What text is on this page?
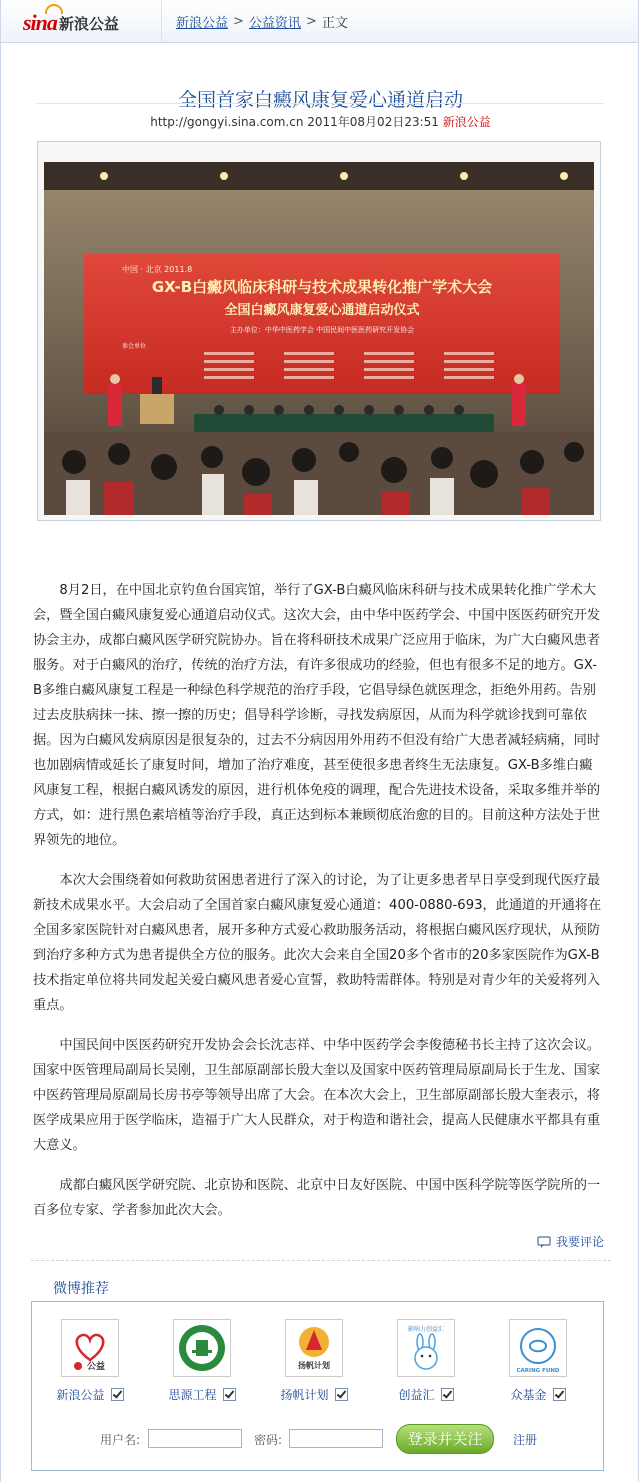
sina 新浪公益	新浪公益 > 公益资讯 > 正文
全国首家白癜风康复爱心通道启动
http://gongyi.sina.com.cn 2011年08月02日23:51 新浪公益
中国 · 北京 2011.8
GX-B白癜风临床科研与技术成果转化推广学术大会
全国白癜风康复爱心通道启动仪式
主办单位：中华中医药学会 中国民间中医医药研究开发协会
参会单位

8月2日，在中国北京钓鱼台国宾馆，举行了GX-B白癜风临床科研与技术成果转化推广学术大会，暨全国白癜风康复爱心通道启动仪式。这次大会，由中华中医药学会、中国中医医药研究开发协会主办，成都白癜风医学研究院协办。旨在将科研技术成果广泛应用于临床，为广大白癜风患者服务。对于白癜风的治疗，传统的治疗方法，有许多很成功的经验，但也有很多不足的地方。GX-B多维白癜风康复工程是一种绿色科学规范的治疗手段，它倡导绿色就医理念，拒绝外用药。告别过去皮肤病抹一抹、擦一擦的历史；倡导科学诊断，寻找发病原因，从而为科学就诊找到可靠依据。因为白癜风发病原因是很复杂的，过去不分病因用外用药不但没有给广大患者减轻病痛，同时也加剧病情或延长了康复时间，增加了治疗难度，甚至使很多患者终生无法康复。GX-B多维白癜风康复工程，根据白癜风诱发的原因，进行机体免疫的调理，配合先进技术设备，采取多维并举的方式，如：进行黑色素培植等治疗手段，真正达到标本兼顾彻底治愈的目的。目前这种方法处于世界领先的地位。

本次大会围绕着如何救助贫困患者进行了深入的讨论，为了让更多患者早日享受到现代医疗最新技术成果水平。大会启动了全国首家白癜风康复爱心通道：400-0880-693，此通道的开通将在全国多家医院针对白癜风患者，展开多种方式爱心救助服务活动，将根据白癜风医疗现状，从预防到治疗多种方式为患者提供全方位的服务。此次大会来自全国20多个省市的20多家医院作为GX-B技术指定单位将共同发起关爱白癜风患者爱心宣誓，救助特需群体。特别是对青少年的关爱将列入重点。

中国民间中医医药研究开发协会会长沈志祥、中华中医药学会李俊德秘书长主持了这次会议。国家中医管理局副局长吴刚，卫生部原副部长殷大奎以及国家中医药管理局原副局长于生龙、国家中医药管理局原副局长房书亭等领导出席了大会。在本次大会上，卫生部原副部长殷大奎表示，将医学成果应用于医学临床，造福于广大人民群众，对于构造和谐社会，提高人民健康水平都具有重大意义。

成都白癜风医学研究院、北京协和医院、北京中日友好医院、中国中医科学院等医学院所的一百多位专家、学者参加此次大会。

我要评论
微博推荐
公益
新浪公益	思源工程
扬帆计划
扬帆计划
影响力创益汇
创益汇
CARING FUND
众基金
用户名:	密码:	登录并关注	注册
